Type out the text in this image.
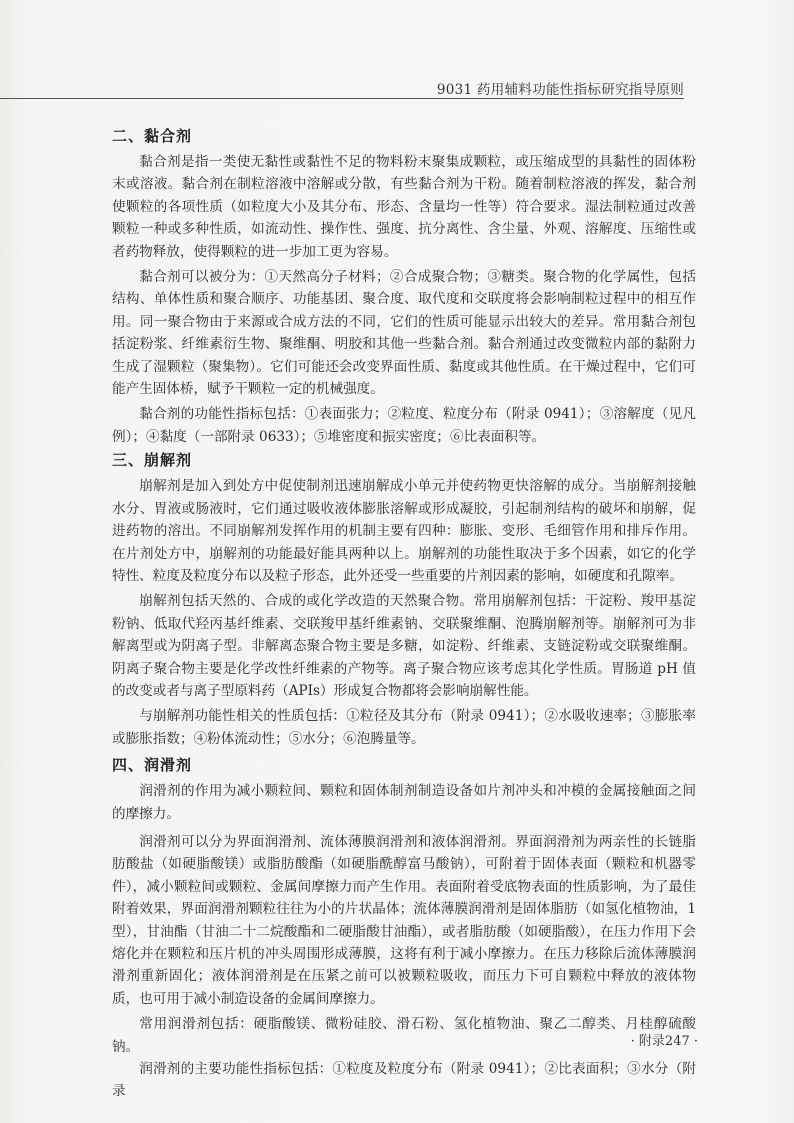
9031 药用辅料功能性指标研究指导原则
二、黏合剂

黏合剂是指一类使无黏性或黏性不足的物料粉末聚集成颗粒，或压缩成型的具黏性的固体粉末或溶液。黏合剂在制粒溶液中溶解或分散，有些黏合剂为干粉。随着制粒溶液的挥发，黏合剂使颗粒的各项性质（如粒度大小及其分布、形态、含量均一性等）符合要求。湿法制粒通过改善颗粒一种或多种性质，如流动性、操作性、强度、抗分离性、含尘量、外观、溶解度、压缩性或者药物释放，使得颗粒的进一步加工更为容易。

黏合剂可以被分为：①天然高分子材料；②合成聚合物；③糖类。聚合物的化学属性，包括结构、单体性质和聚合顺序、功能基团、聚合度、取代度和交联度将会影响制粒过程中的相互作用。同一聚合物由于来源或合成方法的不同，它们的性质可能显示出较大的差异。常用黏合剂包括淀粉浆、纤维素衍生物、聚维酮、明胶和其他一些黏合剂。黏合剂通过改变微粒内部的黏附力生成了湿颗粒（聚集物）。它们可能还会改变界面性质、黏度或其他性质。在干燥过程中，它们可能产生固体桥，赋予干颗粒一定的机械强度。

黏合剂的功能性指标包括：①表面张力；②粒度、粒度分布（附录 0941）；③溶解度（见凡例）；④黏度（一部附录 0633）；⑤堆密度和振实密度；⑥比表面积等。

三、崩解剂

崩解剂是加入到处方中促使制剂迅速崩解成小单元并使药物更快溶解的成分。当崩解剂接触水分、胃液或肠液时，它们通过吸收液体膨胀溶解或形成凝胶，引起制剂结构的破坏和崩解，促进药物的溶出。不同崩解剂发挥作用的机制主要有四种：膨胀、变形、毛细管作用和排斥作用。在片剂处方中，崩解剂的功能最好能具两种以上。崩解剂的功能性取决于多个因素，如它的化学特性、粒度及粒度分布以及粒子形态，此外还受一些重要的片剂因素的影响，如硬度和孔隙率。

崩解剂包括天然的、合成的或化学改造的天然聚合物。常用崩解剂包括：干淀粉、羧甲基淀粉钠、低取代羟丙基纤维素、交联羧甲基纤维素钠、交联聚维酮、泡腾崩解剂等。崩解剂可为非解离型或为阴离子型。非解离态聚合物主要是多糖，如淀粉、纤维素、支链淀粉或交联聚维酮。阴离子聚合物主要是化学改性纤维素的产物等。离子聚合物应该考虑其化学性质。胃肠道 pH 值的改变或者与离子型原料药（APIs）形成复合物都将会影响崩解性能。

与崩解剂功能性相关的性质包括：①粒径及其分布（附录 0941）；②水吸收速率；③膨胀率或膨胀指数；④粉体流动性；⑤水分；⑥泡腾量等。

四、润滑剂

润滑剂的作用为减小颗粒间、颗粒和固体制剂制造设备如片剂冲头和冲模的金属接触面之间的摩擦力。

润滑剂可以分为界面润滑剂、流体薄膜润滑剂和液体润滑剂。界面润滑剂为两亲性的长链脂肪酸盐（如硬脂酸镁）或脂肪酸酯（如硬脂酰醇富马酸钠），可附着于固体表面（颗粒和机器零件），减小颗粒间或颗粒、金属间摩擦力而产生作用。表面附着受底物表面的性质影响，为了最佳附着效果，界面润滑剂颗粒往往为小的片状晶体；流体薄膜润滑剂是固体脂肪（如氢化植物油，1型），甘油酯（甘油二十二烷酸酯和二硬脂酸甘油酯），或者脂肪酸（如硬脂酸），在压力作用下会熔化并在颗粒和压片机的冲头周围形成薄膜，这将有利于减小摩擦力。在压力移除后流体薄膜润滑剂重新固化；液体润滑剂是在压紧之前可以被颗粒吸收，而压力下可自颗粒中释放的液体物质，也可用于减小制造设备的金属间摩擦力。

常用润滑剂包括：硬脂酸镁、微粉硅胶、滑石粉、氢化植物油、聚乙二醇类、月桂醇硫酸钠。

润滑剂的主要功能性指标包括：①粒度及粒度分布（附录 0941）；②比表面积；③水分（附录

· 附录247 ·
